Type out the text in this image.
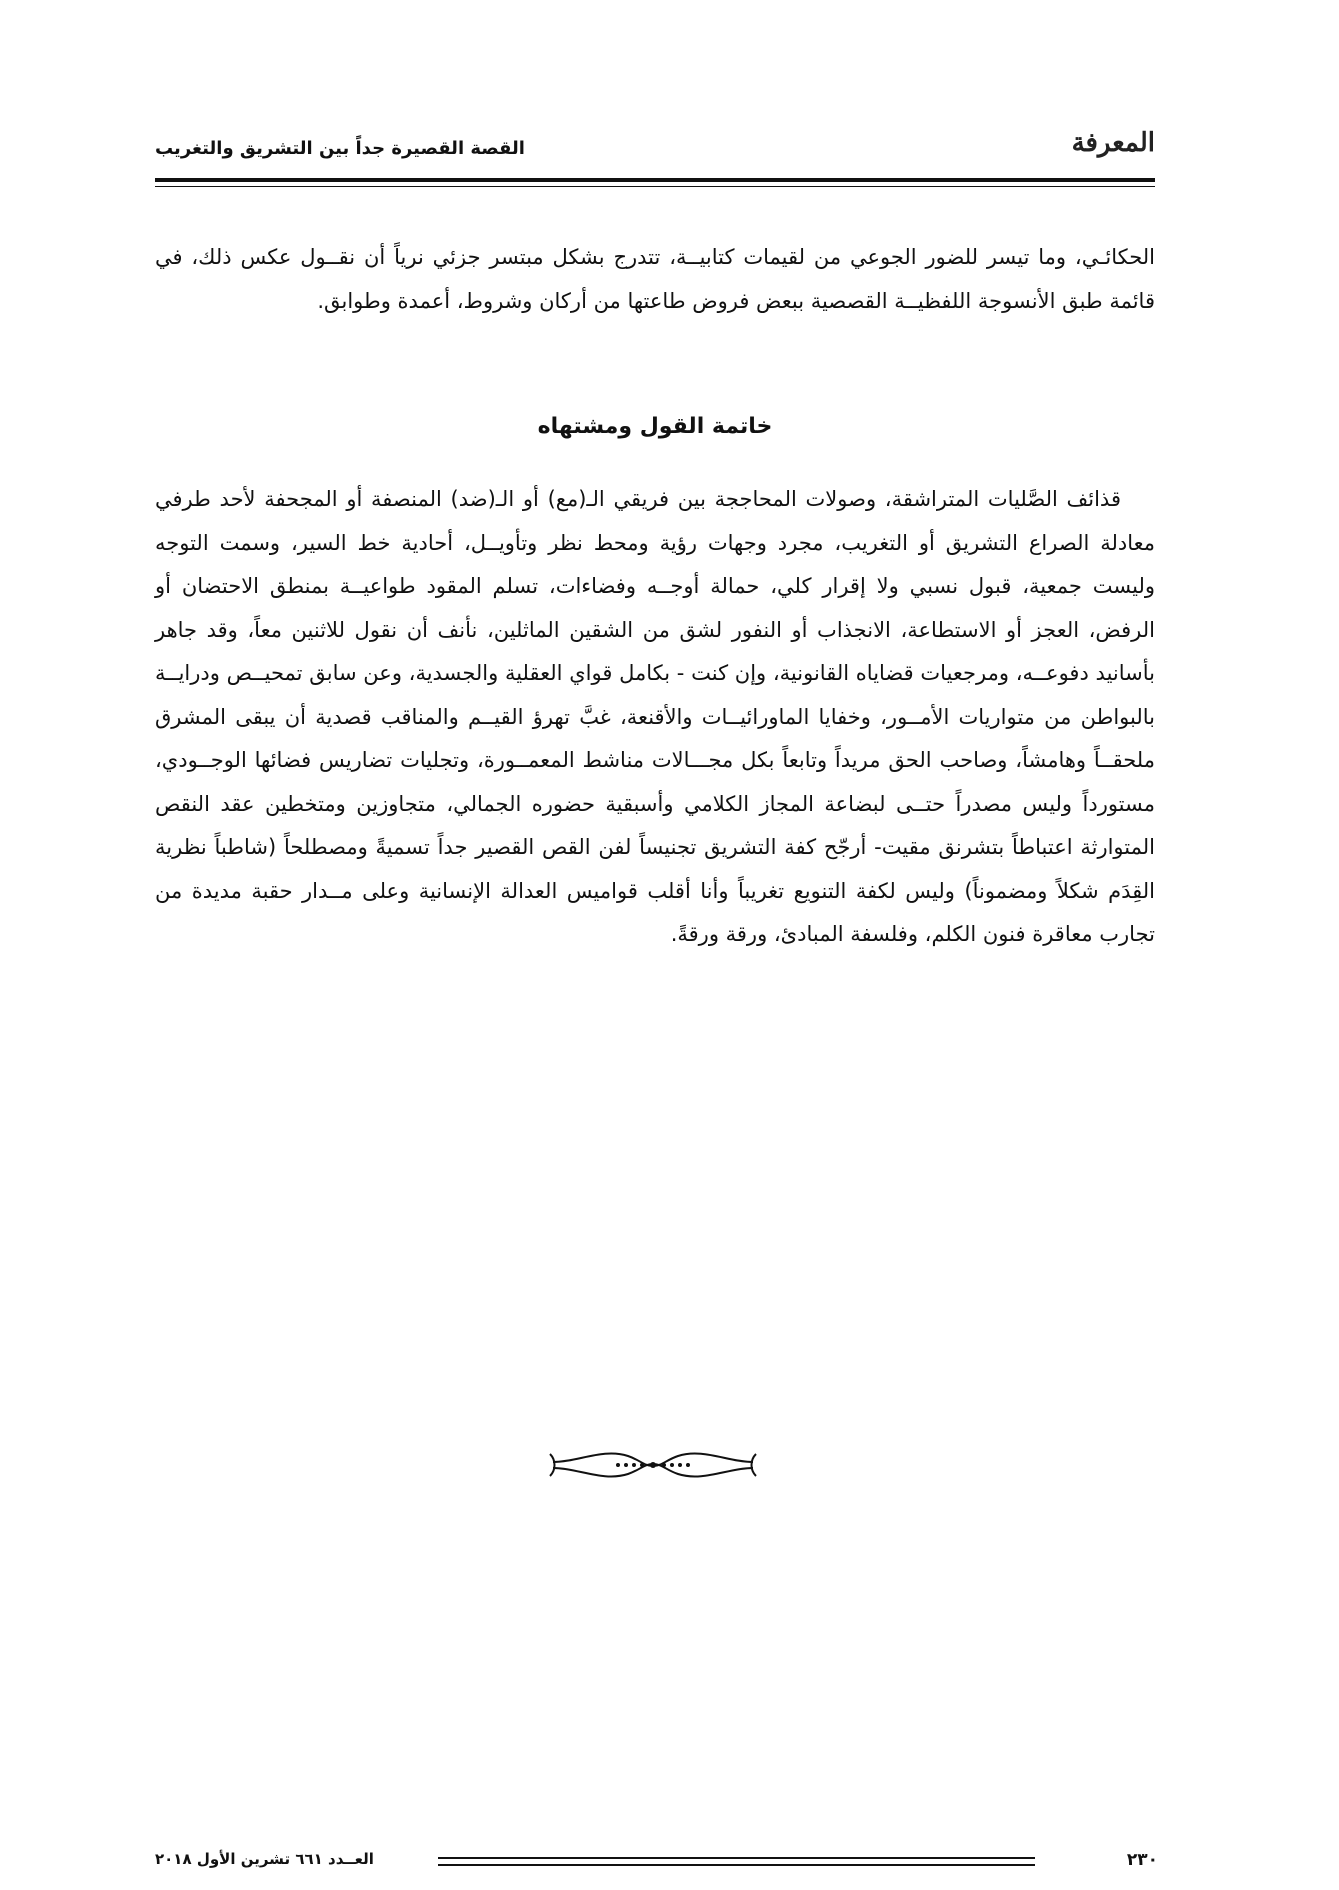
المعرفة
القصة القصيرة جداً بين التشريق والتغريب

الحكائـي، وما تيسر للضور الجوعي من لقيمات كتابيــة، تتدرج بشكل مبتسر جزئي نرياً أن نقــول عكس ذلك، في قائمة طبق الأنسوجة اللفظيــة القصصية ببعض فروض طاعتها من أركان وشروط، أعمدة وطوابق.

خاتمة القول ومشتهاه

قذائف الصَّليات المتراشقة، وصولات المحاججة بين فريقي الـ(مع) أو الـ(ضد) المنصفة أو المجحفة لأحد طرفي معادلة الصراع التشريق أو التغريب، مجرد وجهات رؤية ومحط نظر وتأويــل، أحادية خط السير، وسمت التوجه وليست جمعية، قبول نسبي ولا إقرار كلي، حمالة أوجــه وفضاءات، تسلم المقود طواعيــة بمنطق الاحتضان أو الرفض، العجز أو الاستطاعة، الانجذاب أو النفور لشق من الشقين الماثلين، نأنف أن نقول للاثنين معاً، وقد جاهر بأسانيد دفوعــه، ومرجعيات قضاياه القانونية، وإن كنت - بكامل قواي العقلية والجسدية، وعن سابق تمحيــص ودرايــة بالبواطن من متواريات الأمــور، وخفايا الماورائيــات والأقنعة، غبَّ تهرؤ القيــم والمناقب قصدية أن يبقى المشرق ملحقــاً وهامشاً، وصاحب الحق مريداً وتابعاً بكل مجـــالات مناشط المعمــورة، وتجليات تضاريس فضائها الوجــودي، مستورداً وليس مصدراً حتــى لبضاعة المجاز الكلامي وأسبقية حضوره الجمالي، متجاوزين ومتخطين عقد النقص المتوارثة اعتباطاً بتشرنق مقيت- أرجّح كفة التشريق تجنيساً لفن القص القصير جداً تسميةً ومصطلحاً (شاطباً نظرية القِدَم شكلاً ومضموناً) وليس لكفة التنويع تغريباً وأنا أقلب قواميس العدالة الإنسانية وعلى مــدار حقبة مديدة من تجارب معاقرة فنون الكلم، وفلسفة المبادئ، ورقة ورقةً.

٢٣٠
العــدد ٦٦١ تشرين الأول ٢٠١٨
